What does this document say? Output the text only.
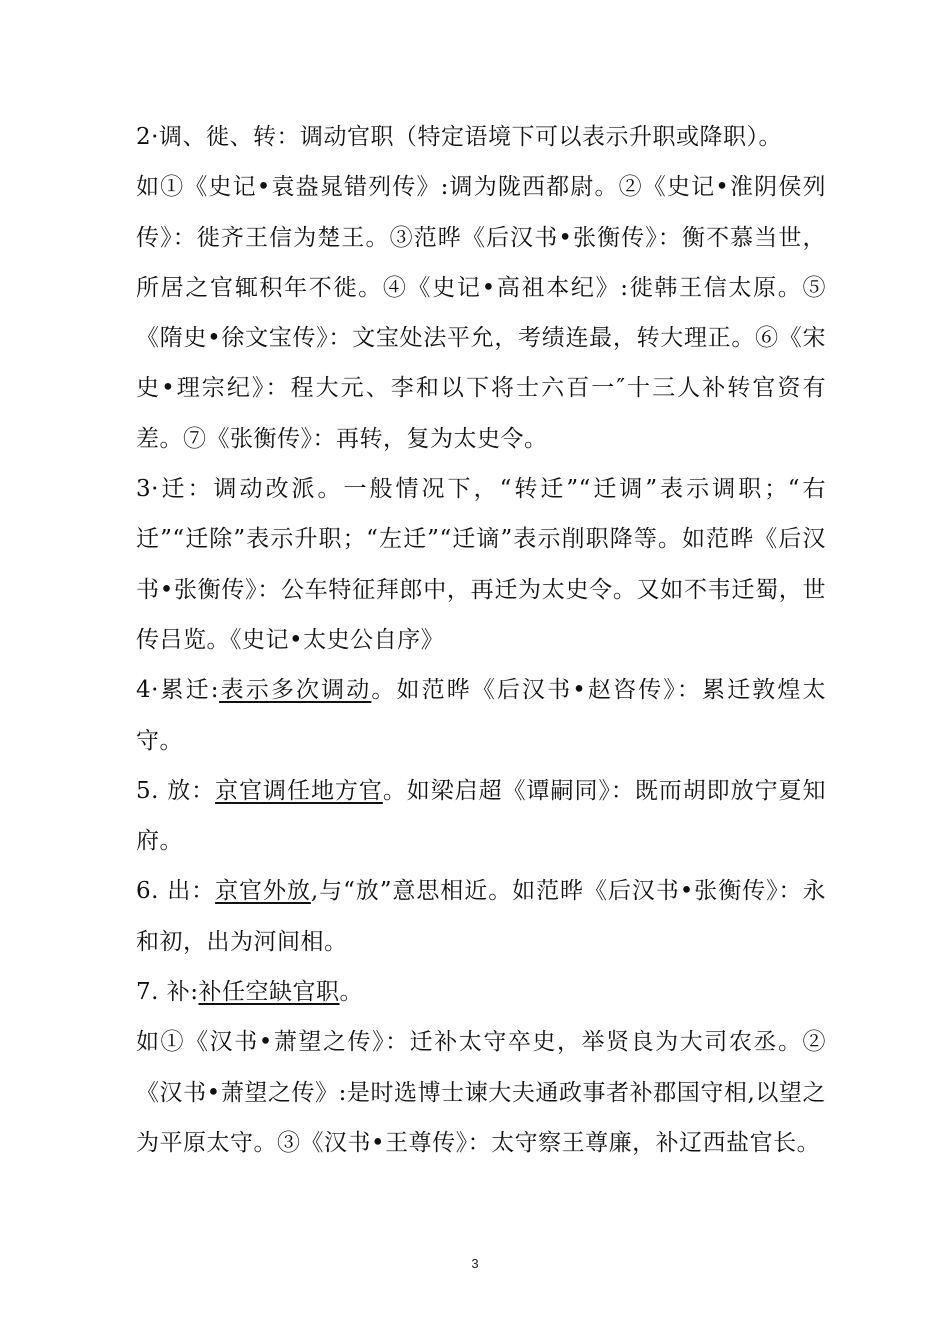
2·调、徙、转：调动官职（特定语境下可以表示升职或降职）。

如①《史记•袁盎晁错列传》:调为陇西都尉。②《史记•淮阴侯列传》：徙齐王信为楚王。③范晔《后汉书•张衡传》：衡不慕当世，所居之官辄积年不徙。④《史记•高祖本纪》:徙韩王信太原。⑤《隋史•徐文宝传》：文宝处法平允，考绩连最，转大理正。⑥《宋史•理宗纪》：程大元、李和以下将士六百一″十三人补转官资有差。⑦《张衡传》：再转，复为太史令。

3·迁：调动改派。一般情况下，“转迁”“迁调”表示调职；“右迁”“迁除”表示升职；“左迁”“迁谪”表示削职降等。如范晔《后汉书•张衡传》：公车特征拜郎中，再迁为太史令。又如不韦迁蜀，世传吕览。《史记•太史公自序》

4·累迁:表示多次调动。如范晔《后汉书•赵咨传》：累迁敦煌太守。

5. 放：京官调任地方官。如梁启超《谭嗣同》：既而胡即放宁夏知府。

6. 出：京官外放,与“放”意思相近。如范晔《后汉书•张衡传》：永和初，出为河间相。

7. 补:补任空缺官职。

如①《汉书•萧望之传》：迁补太守卒史，举贤良为大司农丞。②《汉书•萧望之传》:是时选博士谏大夫通政事者补郡国守相,以望之为平原太守。③《汉书•王尊传》：太守察王尊廉，补辽西盐官长。

3
